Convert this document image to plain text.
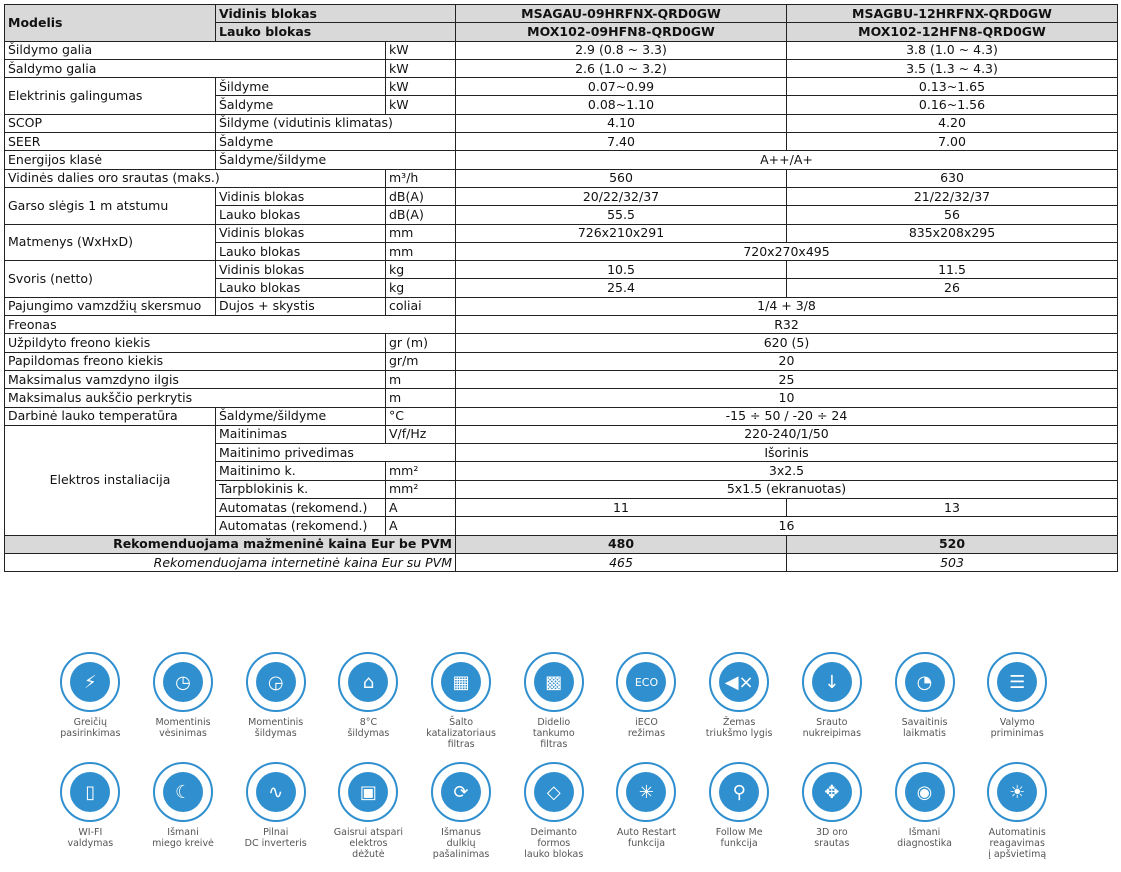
Modelis	Vidinis blokas		MSAGAU-09HRFNX-QRD0GW	MSAGBU-12HRFNX-QRD0GW
	Lauko blokas		MOX102-09HFN8-QRD0GW	MOX102-12HFN8-QRD0GW
Šildymo galia		kW	2.9 (0.8 ~ 3.3)	3.8 (1.0 ~ 4.3)
Šaldymo galia		kW	2.6 (1.0 ~ 3.2)	3.5 (1.3 ~ 4.3)
Elektrinis galingumas	Šildyme	kW	0.07~0.99	0.13~1.65
	Šaldyme	kW	0.08~1.10	0.16~1.56
SCOP	Šildyme (vidutinis klimatas)		4.10	4.20
SEER	Šaldyme		7.40	7.00
Energijos klasė	Šaldyme/šildyme		A++/A+	
Vidinės dalies oro srautas (maks.)		m³/h	560	630
Garso slėgis 1 m atstumu	Vidinis blokas	dB(A)	20/22/32/37	21/22/32/37
	Lauko blokas	dB(A)	55.5	56
Matmenys (WxHxD)	Vidinis blokas	mm	726x210x291	835x208x295
	Lauko blokas	mm	720x270x495	
Svoris (netto)	Vidinis blokas	kg	10.5	11.5
	Lauko blokas	kg	25.4	26
Pajungimo vamzdžių skersmuo	Dujos + skystis	coliai	1/4 + 3/8	
Freonas			R32	
Užpildyto freono kiekis		gr (m)	620 (5)	
Papildomas freono kiekis		gr/m	20	
Maksimalus vamzdyno ilgis		m	25	
Maksimalus aukščio perkrytis		m	10	
Darbinė lauko temperatūra	Šaldyme/šildyme	°C	-15 ÷ 50 / -20 ÷ 24	
Elektros instaliacija	Maitinimas	V/f/Hz	220-240/1/50	
	Maitinimo privedimas		Išorinis	
	Maitinimo k.	mm²	3x2.5	
	Tarpblokinis k.	mm²	5x1.5 (ekranuotas)	
	Automatas (rekomend.)	A	11	13
	Automatas (rekomend.)	A	16	
Rekomenduojama mažmeninė kaina Eur be PVM			480	520
Rekomenduojama internetinė kaina Eur su PVM			465	503
⚡
Greičių
pasirinkimas
◷
Momentinis
vėsinimas
◶
Momentinis
šildymas
⌂
8°C
šildymas
▦
Šalto
katalizatoriaus
filtras
▩
Didelio
tankumo
filtras
ECO
iECO
režimas
◀×
Žemas
triukšmo lygis
↓
Srauto
nukreipimas
◔
Savaitinis
laikmatis
☰
Valymo
priminimas
▯
WI-FI
valdymas
☾
Išmani
miego kreivė
∿
Pilnai
DC inverteris
▣
Gaisrui atspari
elektros
dėžutė
⟳
Išmanus
dulkių
pašalinimas
◇
Deimanto
formos
lauko blokas
✳
Auto Restart
funkcija
⚲
Follow Me
funkcija
✥
3D oro
srautas
◉
Išmani
diagnostika
☀
Automatinis
reagavimas
į apšvietimą
